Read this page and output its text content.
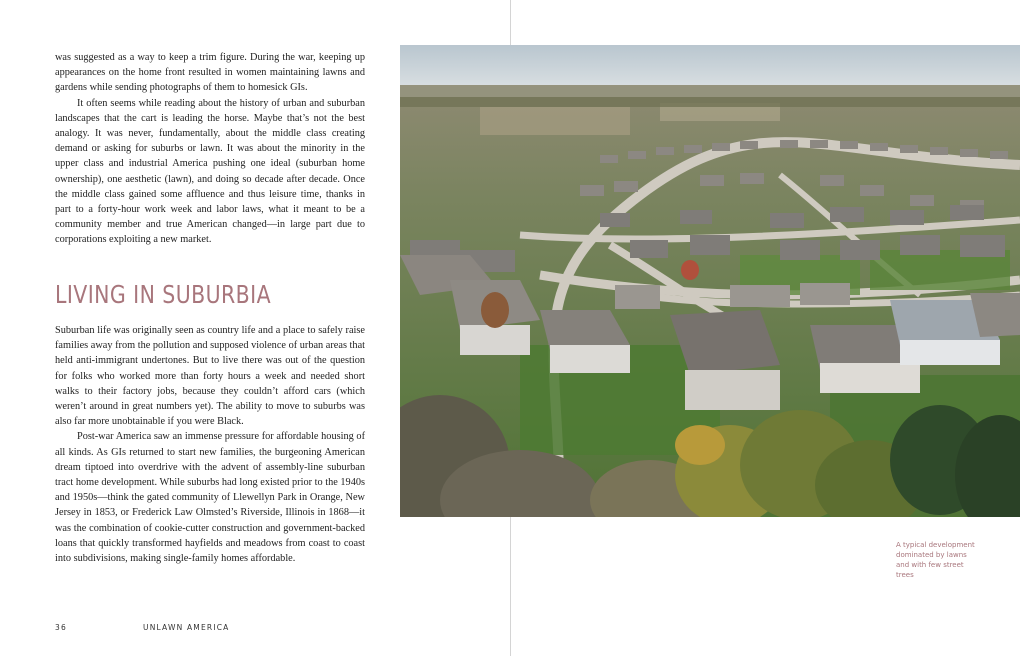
was suggested as a way to keep a trim figure. During the war, keeping up appearances on the home front resulted in women maintaining lawns and gardens while sending photographs of them to homesick GIs.

It often seems while reading about the history of urban and suburban landscapes that the cart is leading the horse. Maybe that’s not the best analogy. It was never, fundamentally, about the middle class creating demand or asking for suburbs or lawn. It was about the minority in the upper class and industrial America pushing one ideal (suburban home ownership), one aesthetic (lawn), and doing so decade after decade. Once the middle class gained some affluence and thus leisure time, thanks in part to a forty-hour work week and labor laws, what it meant to be a community member and true American changed—in large part due to corporations exploiting a new market.

LIVING IN SUBURBIA

Suburban life was originally seen as country life and a place to safely raise families away from the pollution and supposed violence of urban areas that held anti-immigrant undertones. But to live there was out of the question for folks who worked more than forty hours a week and needed short walks to their factory jobs, because they couldn’t afford cars (which weren’t around in great numbers yet). The ability to move to suburbs was also far more unobtainable if you were Black.

Post-war America saw an immense pressure for affordable housing of all kinds. As GIs returned to start new families, the burgeoning American dream tiptoed into overdrive with the advent of assembly-line suburban tract home development. While suburbs had long existed prior to the 1940s and 1950s—think the gated community of Llewellyn Park in Orange, New Jersey in 1853, or Frederick Law Olmsted’s Riverside, Illinois in 1868—it was the combination of cookie-cutter construction and government-backed loans that quickly transformed hayfields and meadows from coast to coast into subdivisions, making single-family homes affordable.

36	UNLAWN AMERICA

A typical development dominated by lawns and with few street trees
